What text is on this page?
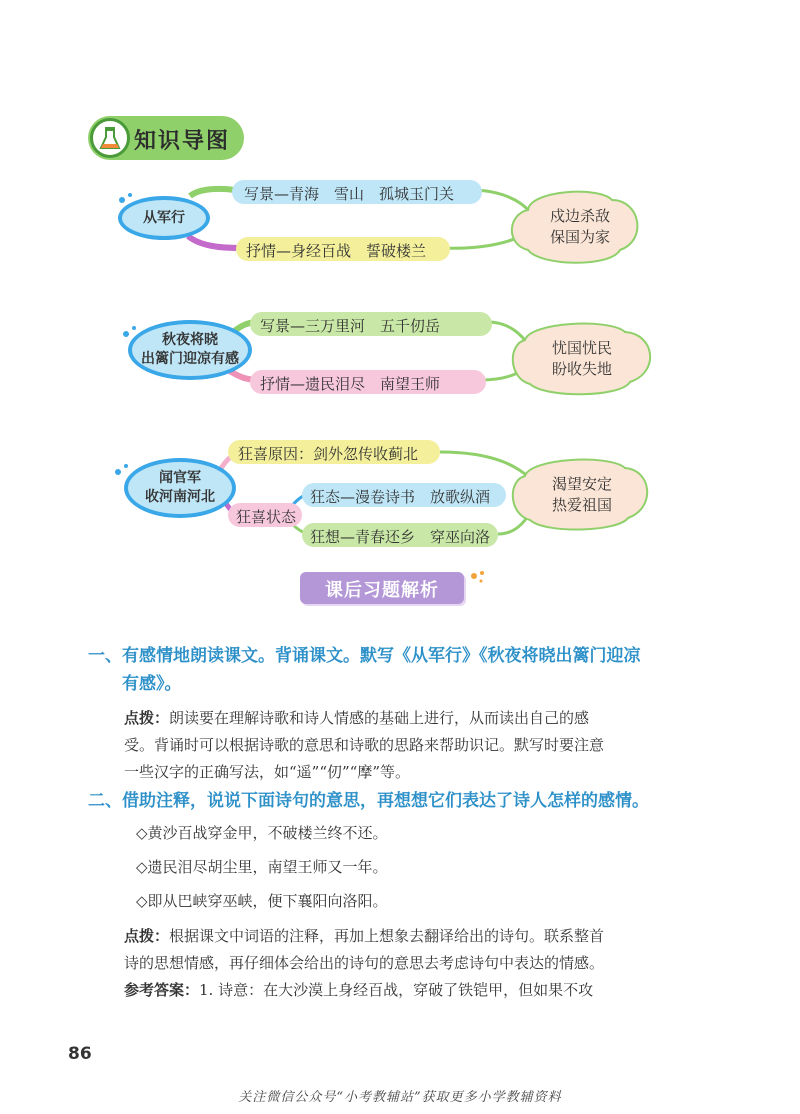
知识导图
从军行
写景—青海　雪山　孤城玉门关
抒情—身经百战　誓破楼兰
戍边杀敌
保国为家
秋夜将晓
出篱门迎凉有感
写景—三万里河　五千仞岳
抒情—遗民泪尽　南望王师
忧国忧民
盼收失地
闻官军
收河南河北
狂喜原因：剑外忽传收蓟北
狂喜状态
狂态—漫卷诗书　放歌纵酒
狂想—青春还乡　穿巫向洛
渴望安定
热爱祖国
课后习题解析
一、有感情地朗读课文。背诵课文。默写《从军行》《秋夜将晓出篱门迎凉
有感》。
点拨：朗读要在理解诗歌和诗人情感的基础上进行，从而读出自己的感
受。背诵时可以根据诗歌的意思和诗歌的思路来帮助识记。默写时要注意
一些汉字的正确写法，如“遥”“仞”“摩”等。
二、借助注释，说说下面诗句的意思，再想想它们表达了诗人怎样的感情。
◇黄沙百战穿金甲，不破楼兰终不还。
◇遗民泪尽胡尘里，南望王师又一年。
◇即从巴峡穿巫峡，便下襄阳向洛阳。
点拨：根据课文中词语的注释，再加上想象去翻译给出的诗句。联系整首
诗的思想情感，再仔细体会给出的诗句的意思去考虑诗句中表达的情感。
参考答案：1. 诗意：在大沙漠上身经百战，穿破了铁铠甲，但如果不攻
86
关注微信公众号“小考教辅站”获取更多小学教辅资料
